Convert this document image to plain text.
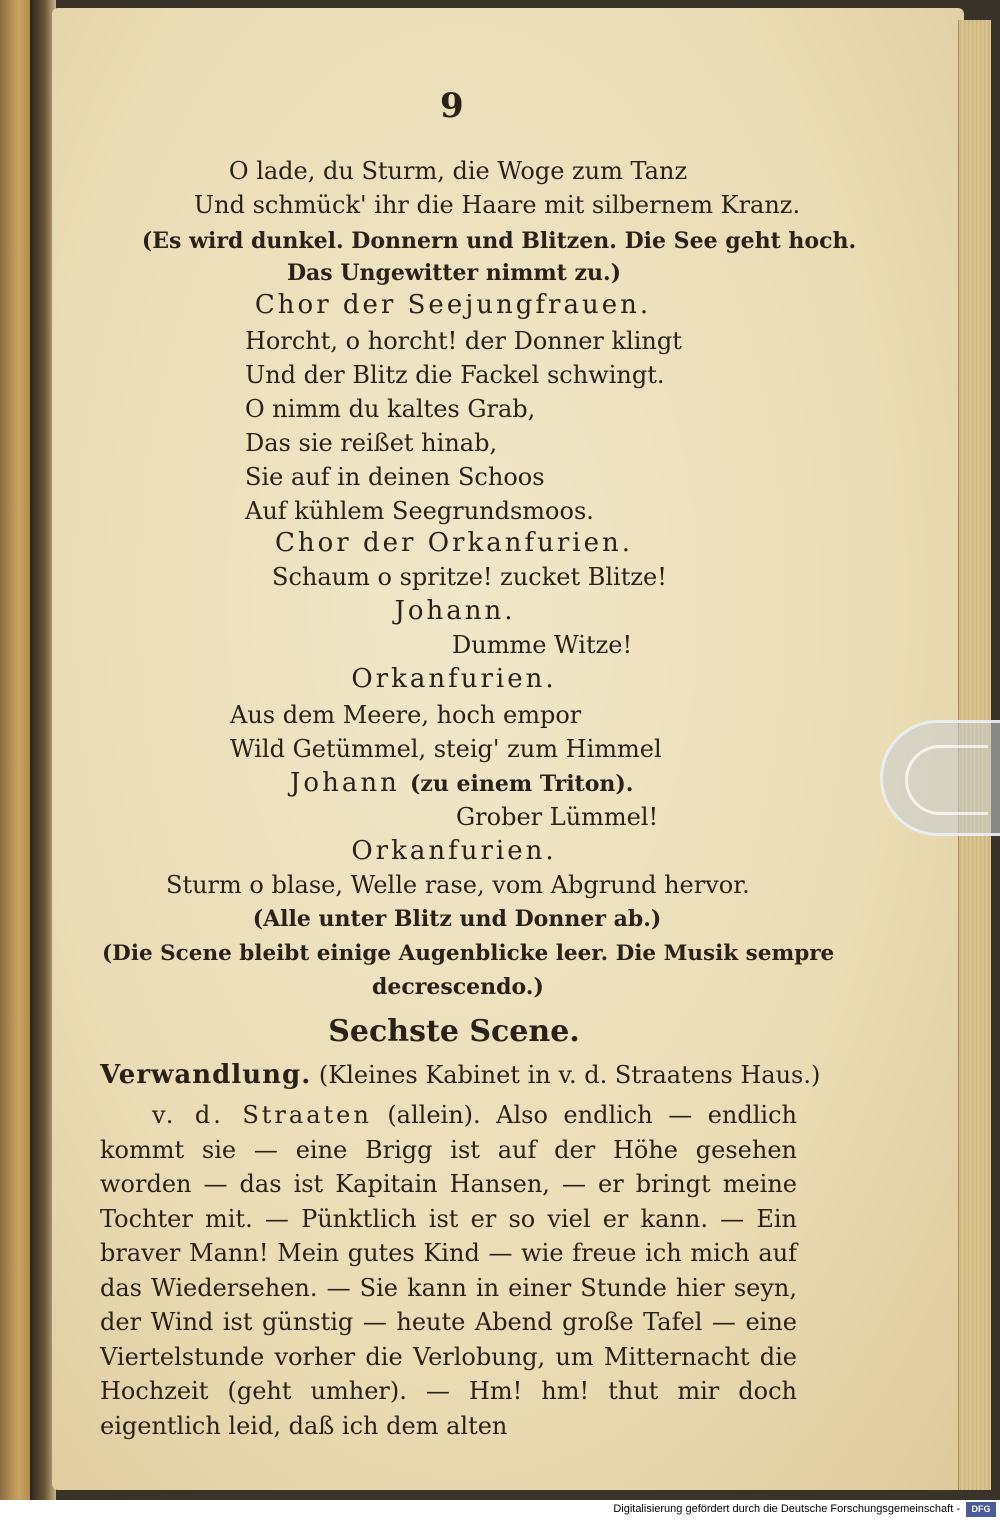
9
O lade, du Sturm, die Woge zum Tanz
Und schmück' ihr die Haare mit silbernem Kranz.
(Es wird dunkel. Donnern und Blitzen. Die See geht hoch.
Das Ungewitter nimmt zu.)
Chor der Seejungfrauen.
Horcht, o horcht! der Donner klingt
Und der Blitz die Fackel schwingt.
O nimm du kaltes Grab,
Das sie reißet hinab,
Sie auf in deinen Schoos
Auf kühlem Seegrundsmoos.
Chor der Orkanfurien.
Schaum o spritze! zucket Blitze!
Johann.
Dumme Witze!
Orkanfurien.
Aus dem Meere, hoch empor
Wild Getümmel, steig' zum Himmel
Johann (zu einem Triton).
Grober Lümmel!
Orkanfurien.
Sturm o blase, Welle rase, vom Abgrund hervor.
(Alle unter Blitz und Donner ab.)
(Die Scene bleibt einige Augenblicke leer. Die Musik sempre
decrescendo.)
Sechste Scene.
Verwandlung. (Kleines Kabinet in v. d. Straatens Haus.)

v. d. Straaten (allein). Also endlich — endlich kommt sie — eine Brigg ist auf der Höhe gesehen worden — das ist Kapitain Hansen, — er bringt meine Tochter mit. — Pünktlich ist er so viel er kann. — Ein braver Mann! Mein gutes Kind — wie freue ich mich auf das Wiedersehen. — Sie kann in einer Stunde hier seyn, der Wind ist günstig — heute Abend große Tafel — eine Viertelstunde vorher die Verlobung, um Mitternacht die Hochzeit (geht umher). — Hm! hm! thut mir doch eigentlich leid, daß ich dem alten

Digitalisierung gefördert durch die Deutsche Forschungsgemeinschaft -	DFG
